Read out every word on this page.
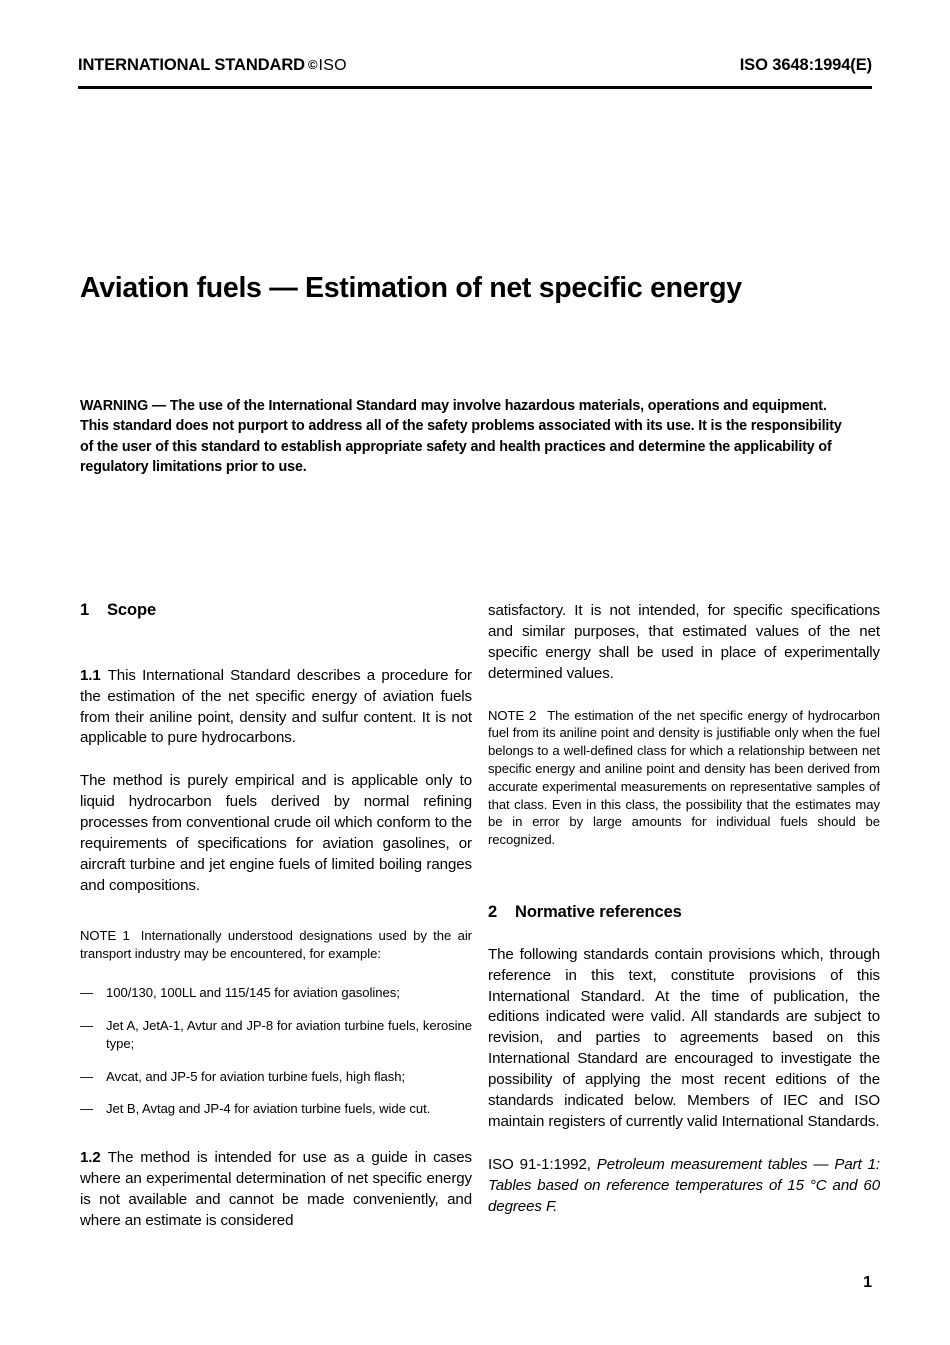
INTERNATIONAL STANDARD ©ISO	ISO 3648:1994(E)
Aviation fuels — Estimation of net specific energy
WARNING — The use of the International Standard may involve hazardous materials, operations and equipment. This standard does not purport to address all of the safety problems associated with its use. It is the responsibility of the user of this standard to establish appropriate safety and health practices and determine the applicability of regulatory limitations prior to use.
1 Scope

1.1 This International Standard describes a procedure for the estimation of the net specific energy of aviation fuels from their aniline point, density and sulfur content. It is not applicable to pure hydrocarbons.

The method is purely empirical and is applicable only to liquid hydrocarbon fuels derived by normal refining processes from conventional crude oil which conform to the requirements of specifications for aviation gasolines, or aircraft turbine and jet engine fuels of limited boiling ranges and compositions.

NOTE 1 Internationally understood designations used by the air transport industry may be encountered, for example:

— 100/130, 100LL and 115/145 for aviation gasolines;
— Jet A, JetA-1, Avtur and JP-8 for aviation turbine fuels, kerosine type;
— Avcat, and JP-5 for aviation turbine fuels, high flash;
— Jet B, Avtag and JP-4 for aviation turbine fuels, wide cut.

1.2 The method is intended for use as a guide in cases where an experimental determination of net specific energy is not available and cannot be made conveniently, and where an estimate is considered

satisfactory. It is not intended, for specific specifications and similar purposes, that estimated values of the net specific energy shall be used in place of experimentally determined values.

NOTE 2 The estimation of the net specific energy of hydrocarbon fuel from its aniline point and density is justifiable only when the fuel belongs to a well-defined class for which a relationship between net specific energy and aniline point and density has been derived from accurate experimental measurements on representative samples of that class. Even in this class, the possibility that the estimates may be in error by large amounts for individual fuels should be recognized.

2 Normative references

The following standards contain provisions which, through reference in this text, constitute provisions of this International Standard. At the time of publication, the editions indicated were valid. All standards are subject to revision, and parties to agreements based on this International Standard are encouraged to investigate the possibility of applying the most recent editions of the standards indicated below. Members of IEC and ISO maintain registers of currently valid International Standards.

ISO 91-1:1992, Petroleum measurement tables — Part 1: Tables based on reference temperatures of 15 °C and 60 degrees F.

1
